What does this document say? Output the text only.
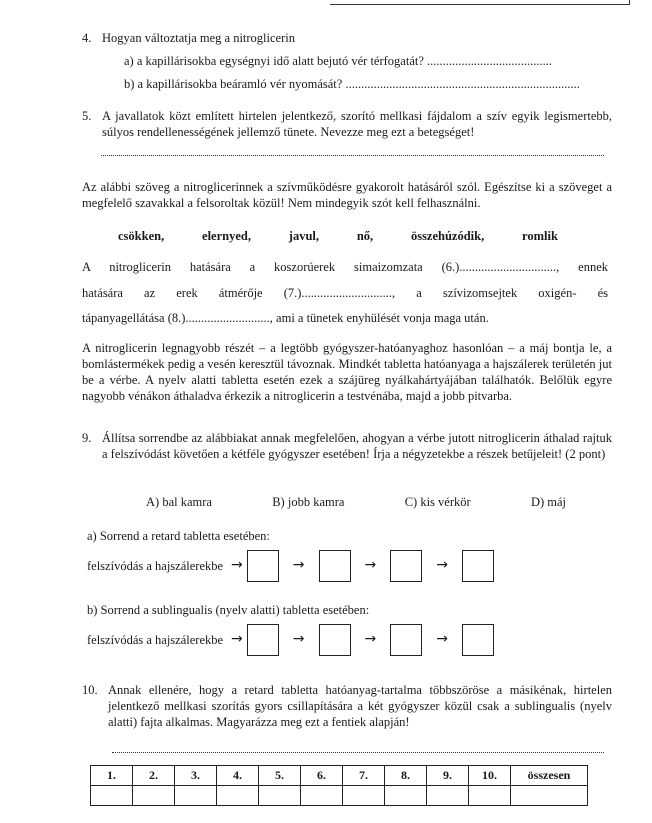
4. Hogyan változtatja meg a nitroglicerin
a) a kapillárisokba egységnyi idő alatt bejutó vér térfogatát? ........................................
b) a kapillárisokba beáramló vér nyomását? ...........................................................................
5. A javallatok közt említett hirtelen jelentkező, szorító mellkasi fájdalom a szív egyik legismertebb, súlyos rendellenességének jellemző tünete. Nevezze meg ezt a betegséget!
Az alábbi szöveg a nitroglicerinnek a szívműködésre gyakorolt hatásáról szól. Egészítse ki a szöveget a megfelelő szavakkal a felsoroltak közül! Nem mindegyik szót kell felhasználni.
csökken,	elernyed,	javul,	nő,	összehúzódik,	romlik
A nitroglicerin hatására a koszorúerek simaizomzata (6.)..............................., ennek
hatására az erek átmérője (7.)............................., a szívizomsejtek oxigén- és
tápanyagellátása (8.)..........................., ami a tünetek enyhülését vonja maga után.
A nitroglicerin legnagyobb részét – a legtöbb gyógyszer-hatóanyaghoz hasonlóan – a máj bontja le, a bomlástermékek pedig a vesén keresztül távoznak. Mindkét tabletta hatóanyaga a hajszálerek területén jut be a vérbe. A nyelv alatti tabletta esetén ezek a szájüreg nyálkahártyájában találhatók. Belőlük egyre nagyobb vénákon áthaladva érkezik a nitroglicerin a testvénába, majd a jobb pitvarba.
9. Állítsa sorrendbe az alábbiakat annak megfelelően, ahogyan a vérbe jutott nitroglicerin áthalad rajtuk a felszívódást követően a kétféle gyógyszer esetében! Írja a négyzetekbe a részek betűjeleit! (2 pont)
A) bal kamra	B) jobb kamra	C) kis vérkör	D) máj
a) Sorrend a retard tabletta esetében:
felszívódás a hajszálerekbe →	→	→	→
b) Sorrend a sublingualis (nyelv alatti) tabletta esetében:
felszívódás a hajszálerekbe →	→	→	→
10. Annak ellenére, hogy a retard tabletta hatóanyag-tartalma többszöröse a másikénak, hirtelen jelentkező mellkasi szorítás gyors csillapítására a két gyógyszer közül csak a sublingualis (nyelv alatti) fajta alkalmas. Magyarázza meg ezt a fentiek alapján!
1.	2.	3.	4.	5.	6.	7.	8.	9.	10.	összesen
